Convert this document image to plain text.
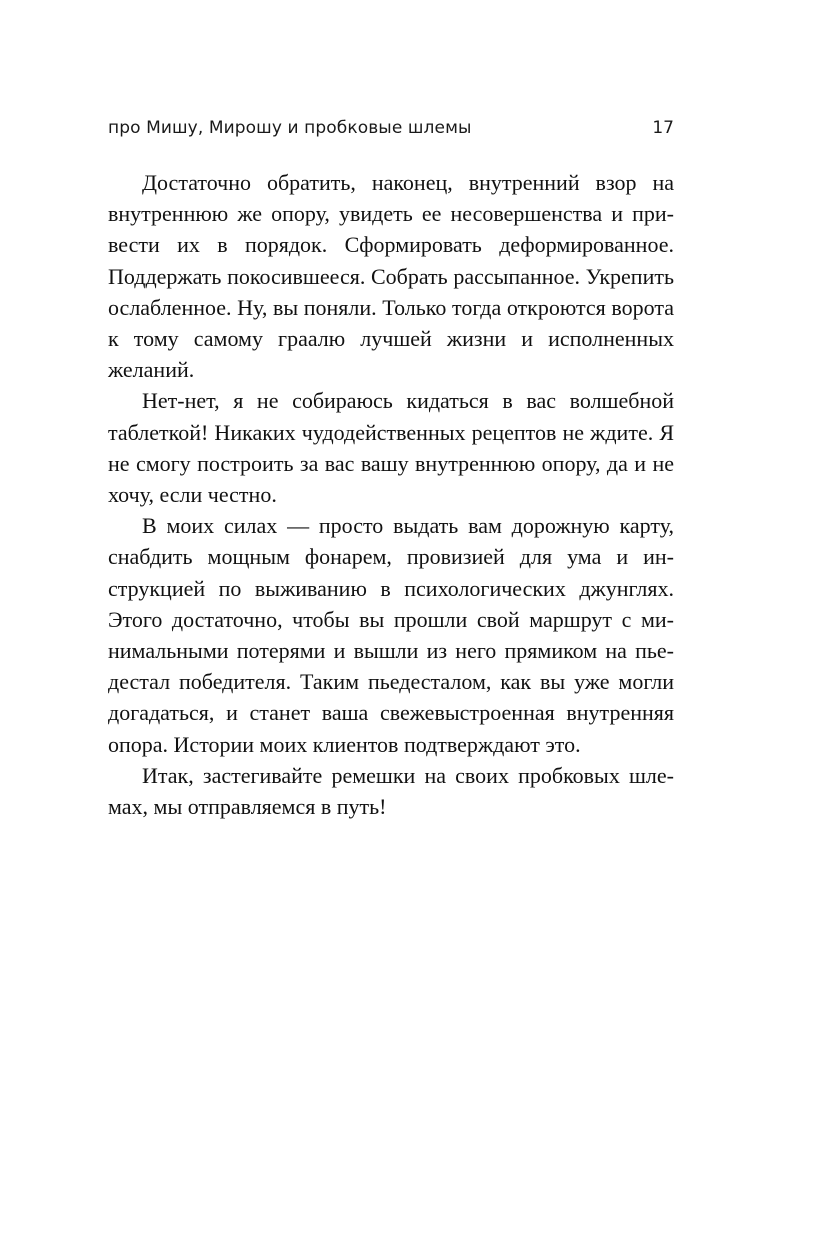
про Мишу, Мирошу и пробковые шлемы	17

Достаточно обратить, наконец, внутренний взор на внутреннюю же опору, увидеть ее несовершенства и привести их в порядок. Сформировать деформированное. Поддержать покосившееся. Собрать рассыпанное. Укрепить ослабленное. Ну, вы поняли. Только тогда откроются ворота к тому самому граалю лучшей жизни и исполненных желаний.

Нет-нет, я не собираюсь кидаться в вас волшебной таблеткой! Никаких чудодейственных рецептов не ждите. Я не смогу построить за вас вашу внутреннюю опору, да и не хочу, если честно.

В моих силах — просто выдать вам дорожную карту, снабдить мощным фонарем, провизией для ума и инструкцией по выживанию в психологических джунглях. Этого достаточно, чтобы вы прошли свой маршрут с минимальными потерями и вышли из него прямиком на пьедестал победителя. Таким пьедесталом, как вы уже могли догадаться, и станет ваша свежевыстроенная внутренняя опора. Истории моих клиентов подтверждают это.

Итак, застегивайте ремешки на своих пробковых шлемах, мы отправляемся в путь!
